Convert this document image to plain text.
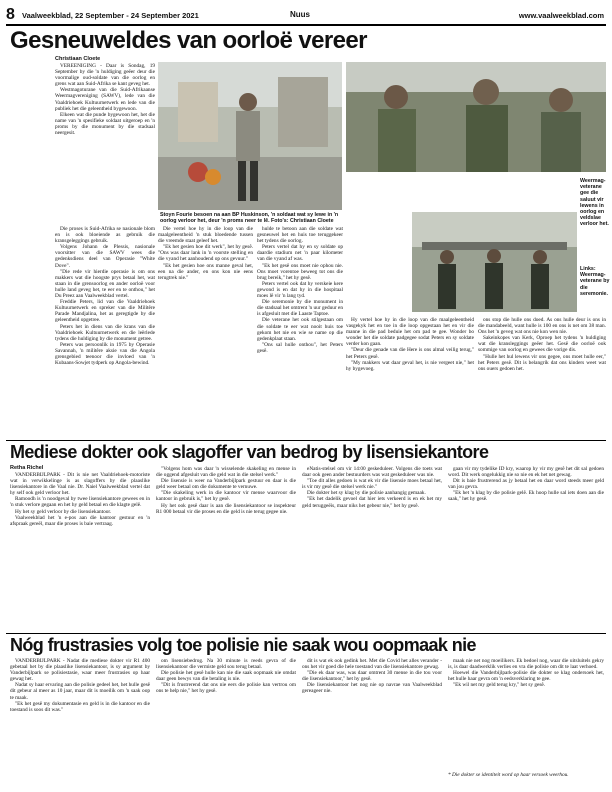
8 Vaalweekblad, 22 September - 24 September 2021	Nuus	www.vaalweekblad.com
Gesneuweldes van oorloë vereer
Christiaan Cloete

VEREENIGING - Daar is Sondag, 19 September by die 'n huldiging geëer deur die voormalige oud-soldate van die oorlog en grens wat aan Suid-Afrika se kant geveg het.

Westmagoturane van die Suid-Afrikaanse Weermagvereniging (SAWV), lede van die Vaaldriehoek Kultuurnetwerk en lede van die publiek het die geleentheid bygewoon.

Elkeen wat die punde bygewoon het, het die name van 'n spesifieke soldaat uitgeroep en 'n proms by die monument by die stadsaal neergesit.

Stoyn Fourie besoen na aan BP Huskinson, 'n soldaat wat sy lewe in 'n oorlog verloor het, deur 'n proms neer te lê. Foto's: Christiaan Cloete
Weermag-veterane gee die saluut vir lewens in oorlog en veldslae verloor het.
Links: Weermag-veterane by die seremonie.

Die proses is Suid-Afrika se nasionale blom en is ook bloeiende as gebruik die kransgeleggings gebruik.

Volgens Johann de Plessis, nasionale voorsitter van die SAWV wees die gedenksdiens deel van Operasie "White Dove".

"Die rede vir hierdie operasie is om ons makkers wat die hoogste prys betaal het, wat staan in die grensoorlog en ander oorloë voor hulle land geveg het, te eer en te onthou," het Du Preez aan Vaalweekblad vertel.

Freddie Peters, lid van die Vaaldriehoek Kultuurnetwerk en spreker van die Militêre Parade Mandjalina, het as geregtigde by die geleentheid opgetree.

Peters het in diens van die krans van die Vaaldriehoek Kultuurnetwerk en die leërlede tydens die huldiging by die monument getree.

Peters was persoonlik in 1975 by Operasie Savannah, 'n militêre aksie van die Angola grensgebied teenoor die invloed van 'n Kubaans-Sowjet tydperk op Angola-bewind.

Die vertel hoe hy in die loop van die maalgeleentheid 'n stuk bloedende tussen die vreemde staat geleef het.

"Ek het gesien hoe dit werk", het hy gesê. "Ons was daar lank in 'n voorste stelling en die vyand het aanhoudend op ons gevuur."

"Ek het gesien hoe ons manne geval het, een na die ander, en ons kon nie eens terugtrek nie."

hulde te betoon aan die soldate wat gesneuwel het en huis toe teruggekeer het tydens die oorlog.

Peters vertel dat hy en sy soldate op daardie stadium net 'n paar kilometer van die vyand af was.

"Ek het gesê ons moet nie ophou nie. Ons moet vorentoe beweeg tot ons die brug bereik," het hy gesê.

Peters vertel ook dat hy verskeie kere gewond is en dat hy in die hospitaal moes lê vir 'n lang tyd.

Die seremonie by die monument in die stadsaal het omtrent 'n uur geduur en is afgesluit met die Laaste Taptoe.

Die veterane het ook stilgestaan om die soldate te eer wat nooit huis toe gekom het nie en wie se name op die gedenkplaat staan.

"Ons sal hulle onthou", het Peters gesê.

Hy vertel hoe hy in die loop van die maalgeleentheid vasgekyk het en toe in die loop opgestaan het en vir die manne in die pad beduie het om pad te gee. Wonder bo wonder het die soldate padgegee sodat Peters en sy soldate verder kon gaan.

"Deur die genade van die Here is ons almal veilig terug," het Peters gesê.

"My makkers wat daar geval het, is nie vergeet nie," het hy bygevoeg.

ons stop die hulle ons doed. As ons hulle deur is ons in die mandabeeld, want hulle is 100 en ons is net om 38 man. Ons het 'n geveg wat ons nie kon wen nie.

Sakeinkopes van Kerk, Oproep het tydens 'n huldiging wat die kransleggings geëer het. Gesê die oorloë ook sommige van oorlog en gewees die vorige dis.

"Hulle het hul lewens vir ons gegee, ons moet hulle eer," het Peters gesê. Dit is belangrik dat ons kinders weet wat ons ouers gedoen het.

Mediese dokter ook slagoffer van bedrog by lisensiekantore
Retha Richel

VANDERBIJLPARK - Dit is nie net Vaaldriehoek-motoriste wat in verwikkelinge is as slagoffers by die plaaslike lisensiekantore in die Vaal nie. Dr. Naiel Vaalweekblad vertel dat hy self ook geld verloor het.

Ramoodh is 'n noodgeval by twee lisensiekantore gewees en in 'n stuk verlore gegaan en het hy geld betaal en die klagte gelê.

Hy het sy geld verloor by die lisensiekantoor.

Vaalweekblad het 'n e-pos aan die kantoor gestuur en 'n afspraak gereël, maar die proses is baie vertraag.

"Volgens hom was daar 'n wisselende skakeling en mense in die oggend afgesluit van die geld wat in die stelsel werk."

Die lisensie is weer na Vanderbijlpark gestuur en daar is die geld weer betaal om die dokumente te vernuwe.

"Die skakeling werk in die kantoor vir mense waarvoor die kantoor in gebruik is," het hy gesê.

Hy het ook gesê daar is aan die lisensiekantoor se inspekteur R1 000 betaal vir die proses en die geld is nie terug gegee nie.

eNatis-stelsel om vir 14:00 geskeduleer. Volgens die toets wat daar ook geen ander bestuurders was wat geskeduleer was nie.

"Toe dit alles gedoen is wat ek vir die lisensie moes betaal het, is vir my gesê die stelsel werk nie."

Die dokter het sy klag by die polisie aanhangig gemaak.

"Ek het dadelik gevoel dat hier iets verkeerd is en ek het my geld teruggeëis, maar niks het gebeur nie," het hy gesê.

gaan vir my tydelike ID kry, waarop hy vir my gesê het dit sal gedoen word. Dit werk ongelukkig nie so nie en ek het net gewag.

Dit is baie frustrerend as jy betaal het en daar word steeds meer geld van jou gevra.

"Ek het 'n klag by die polisie gelê. Ek hoop hulle sal iets doen aan die saak," het hy gesê.

Nóg frustrasies volg toe polisie nie saak wou oopmaak nie

VANDERBIJLPARK - Nadat die mediese dokter vir R1 400 gebetaal het by die plaaslike lisensiekantoor, is sy argument by Vanderbijlpark se polisiestasie, waar meer frustrasies op haar gewag het.

Nadat sy haar ervaring aan die polisie gedeel het, het hulle gesê dit gebeur al meer as 10 jaar, maar dit is moeilik om 'n saak oop te maak.

"Ek het gesê my dokumentasie en geld is in die kantoor en die toestand is soos dit was."

om lisensiebedrog. Na 30 minute is reeds gevra of die lisensiekantoor die vermiste geld sou terug betaal.

Die polisie het gesê hulle kan nie die saak oopmaak nie omdat daar geen bewys van die betaling is nie.

"Dit is frustrerend dat ons nie eers die polisie kan vertrou om ons te help nie," het hy gesê.

dit is wat ek ook gedink het. Met die Covid het alles verander - ons het vir goed die hele toestand van die lisensiekantore gewag.

"Die ek daar was, was daar omtrent 30 mense in die tou voor die lisensiekantoor," het hy gesê.

Die lisensiekantoor het nog nie op navrae van Vaalweekblad gereageer nie.

maak nie net nog moeilikers. Ek bedoel nog, waar die uitsluitels gekry is, is daar daadwerklik verlies en vra die polisie om dit te laat verhoed.

Hoewel die Vanderbijlpark-polisie die dokter se klag ondersoek het, het hulle haar gevra om 'n eedsverklaring te gee.

"Ek wil net my geld terug kry," het sy gesê.

* Die dokter se identiteit word op haar versoek weerhou.
